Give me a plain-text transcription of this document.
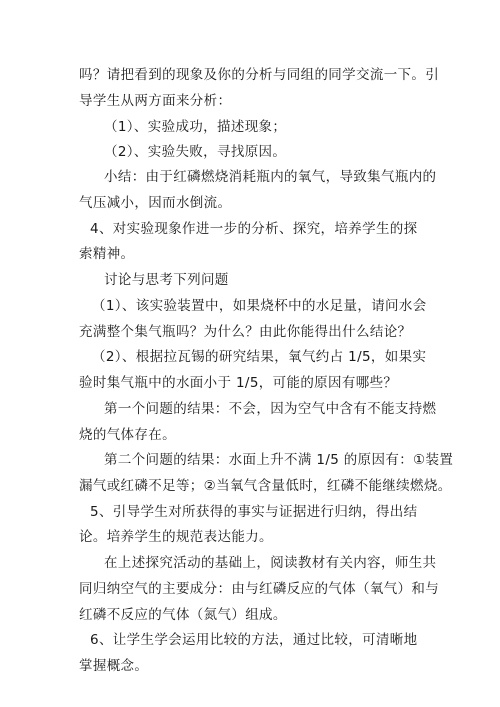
吗？请把看到的现象及你的分析与同组的同学交流一下。引
导学生从两方面来分析：
（1）、实验成功，描述现象；
（2）、实验失败，寻找原因。
小结：由于红磷燃烧消耗瓶内的氧气，导致集气瓶内的
气压减小，因而水倒流。
4、对实验现象作进一步的分析、探究，培养学生的探
索精神。
讨论与思考下列问题
（1）、该实验装置中，如果烧杯中的水足量，请问水会
充满整个集气瓶吗？为什么？由此你能得出什么结论？
（2）、根据拉瓦锡的研究结果，氧气约占 1/5，如果实
验时集气瓶中的水面小于 1/5，可能的原因有哪些？
第一个问题的结果：不会，因为空气中含有不能支持燃
烧的气体存在。
第二个问题的结果：水面上升不满 1/5 的原因有：①装置
漏气或红磷不足等；②当氧气含量低时，红磷不能继续燃烧。
5、引导学生对所获得的事实与证据进行归纳，得出结
论。培养学生的规范表达能力。
在上述探究活动的基础上，阅读教材有关内容，师生共
同归纳空气的主要成分：由与红磷反应的气体（氧气）和与
红磷不反应的气体（氮气）组成。
6、让学生学会运用比较的方法，通过比较，可清晰地
掌握概念。
